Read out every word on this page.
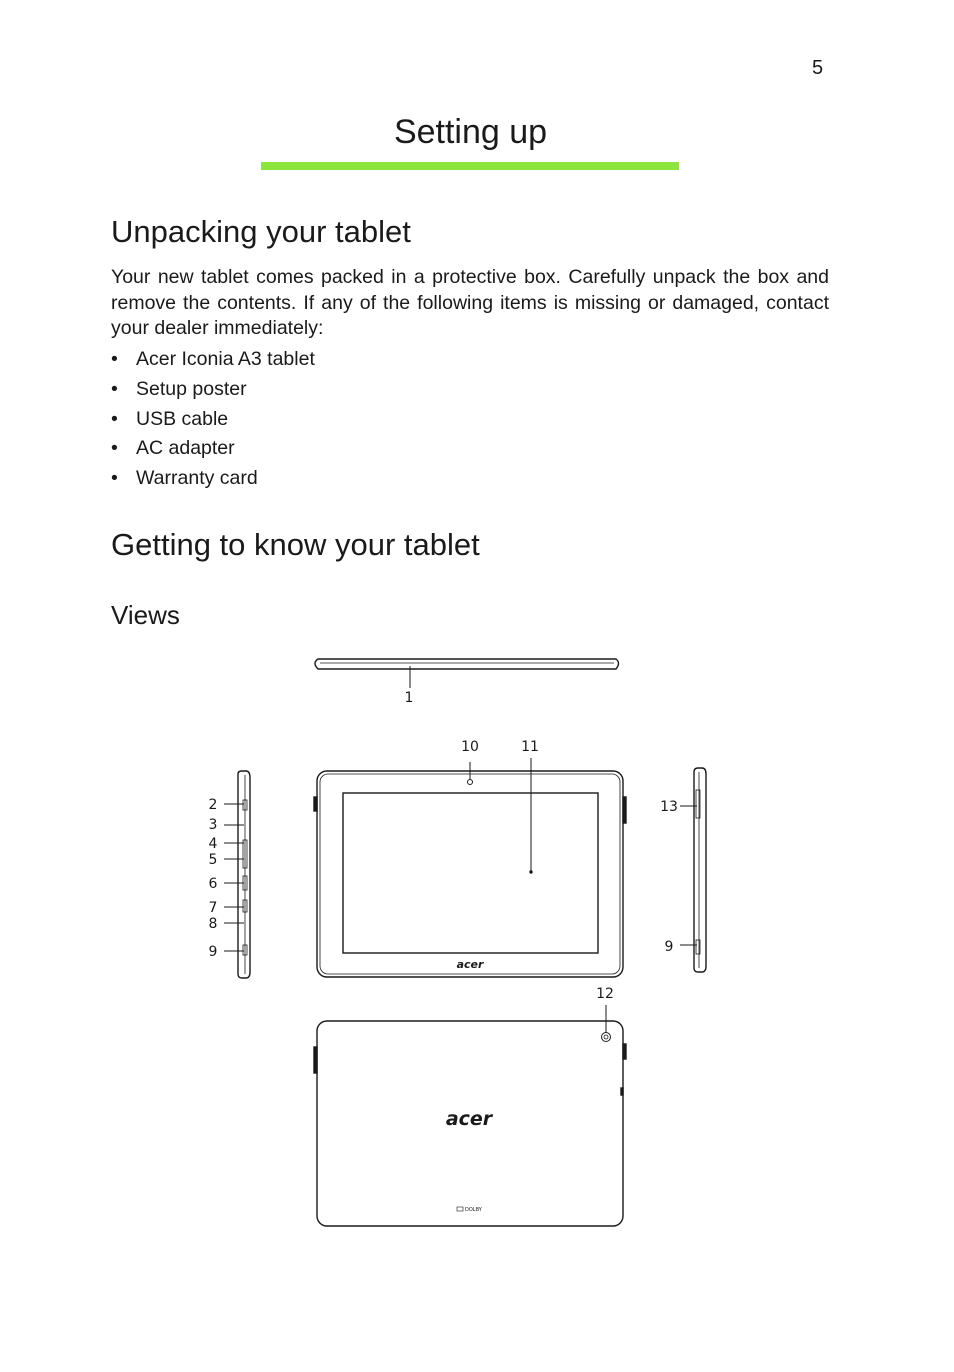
5
Setting up
Unpacking your tablet

Your new tablet comes packed in a protective box. Carefully unpack the box and remove the contents. If any of the following items is missing or damaged, contact your dealer immediately:

• Acer Iconia A3 tablet
• Setup poster
• USB cable
• AC adapter
• Warranty card
Getting to know your tablet
Views
acer
acer
DOLBY
1
2
3
4
5
6
7
8
9
10	11
12
13
9
